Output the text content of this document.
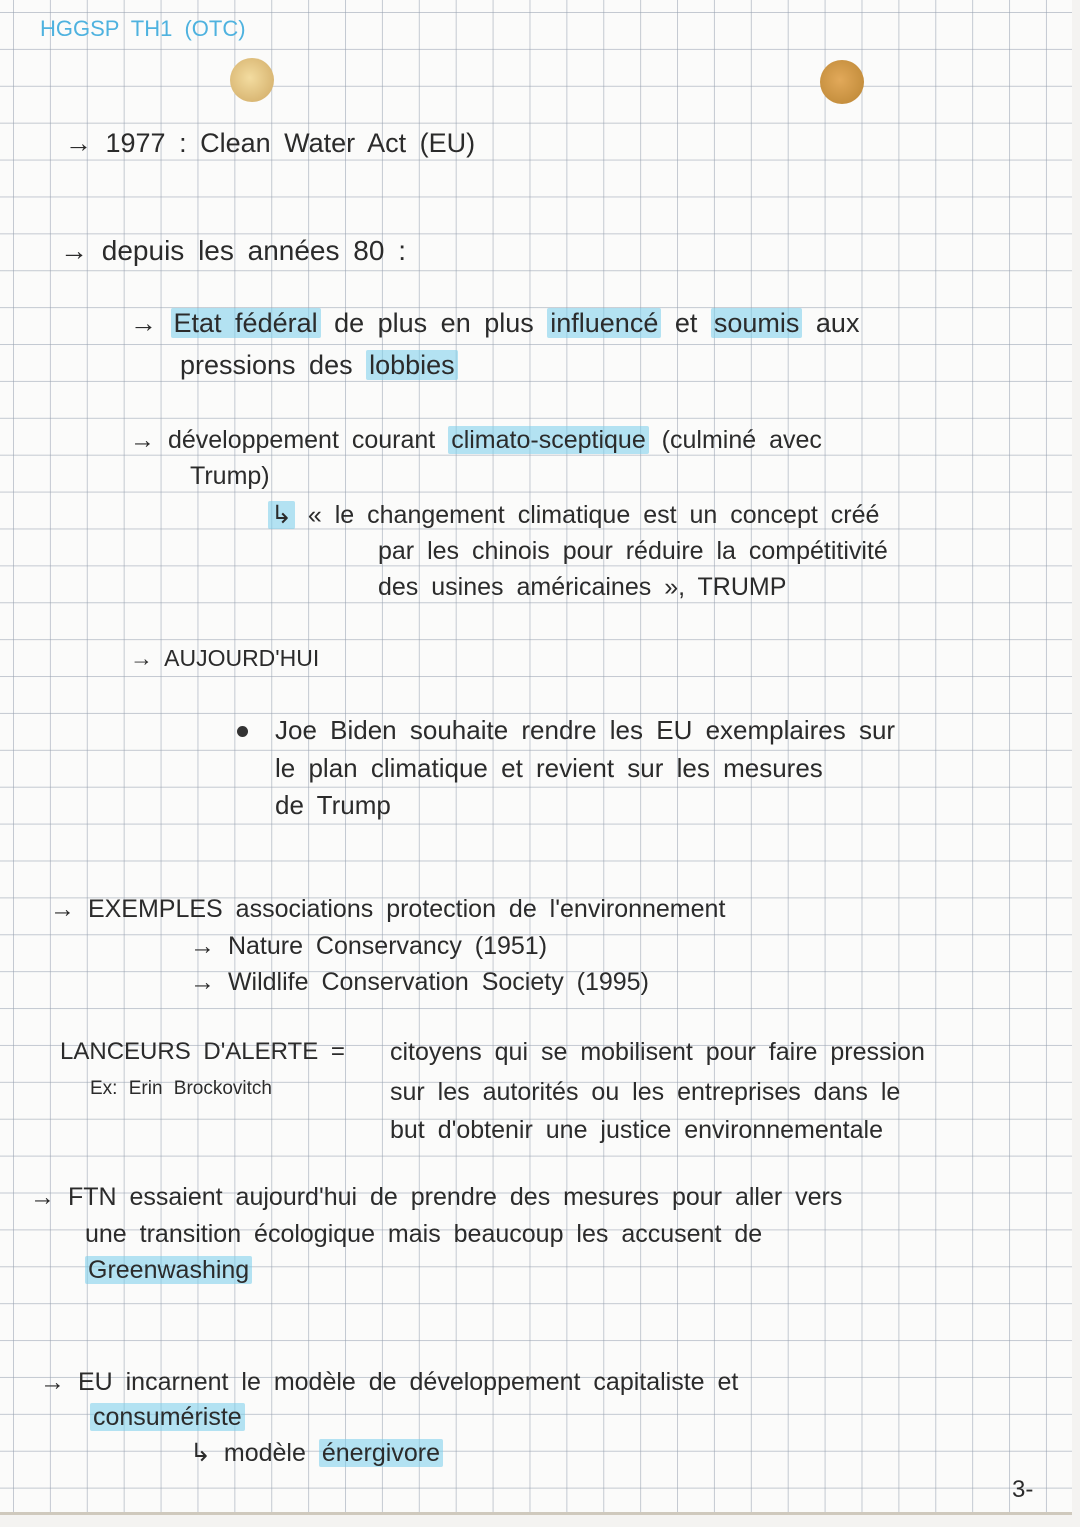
HGGSP TH1 (OTC)
→ 1977 : Clean Water Act (EU)
→ depuis les années 80 :
→ Etat fédéral de plus en plus influencé et soumis aux
pressions des lobbies
→ développement courant climato-sceptique (culminé avec
Trump)
↳ « le changement climatique est un concept créé
par les chinois pour réduire la compétitivité
des usines américaines », TRUMP
→ AUJOURD'HUI
Joe Biden souhaite rendre les EU exemplaires sur
le plan climatique et revient sur les mesures
de Trump
→ EXEMPLES associations protection de l'environnement
→ Nature Conservancy (1951)
→ Wildlife Conservation Society (1995)
LANCEURS D'ALERTE = citoyens qui se mobilisent pour faire pression
Ex: Erin Brockovitch	sur les autorités ou les entreprises dans le
but d'obtenir une justice environnementale
→ FTN essaient aujourd'hui de prendre des mesures pour aller vers
une transition écologique mais beaucoup les accusent de
Greenwashing
→ EU incarnent le modèle de développement capitaliste et
consumériste
↳ modèle énergivore
3-
